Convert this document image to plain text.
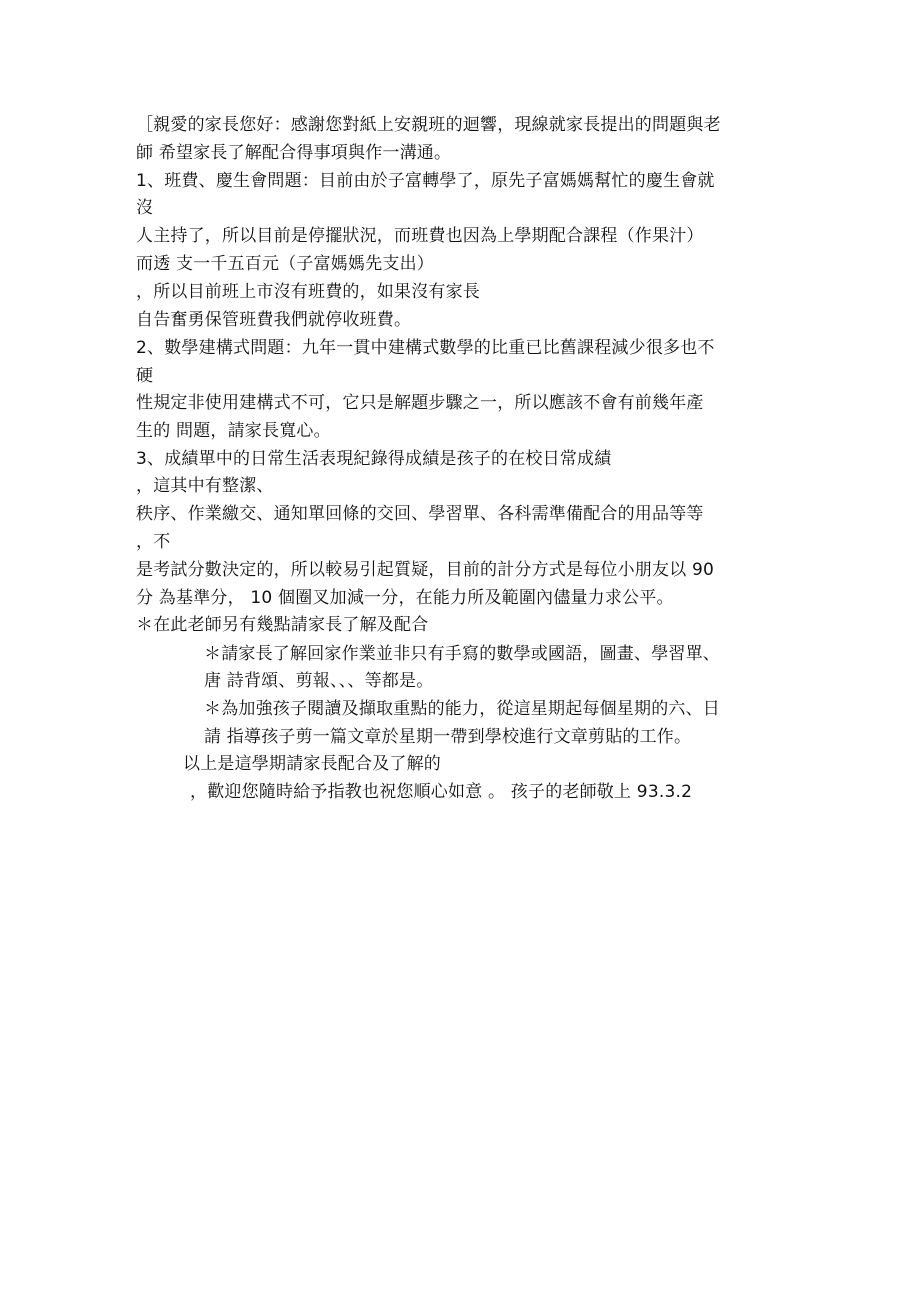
［親愛的家長您好：感謝您對紙上安親班的迴響，現線就家長提出的問題與老
師 希望家長了解配合得事項與作一溝通。
1、班費、慶生會問題：目前由於子富轉學了，原先子富媽媽幫忙的慶生會就
沒
人主持了，所以目前是停擺狀況，而班費也因為上學期配合課程（作果汁）
而透 支一千五百元（子富媽媽先支出）
，所以目前班上市沒有班費的，如果沒有家長
自告奮勇保管班費我們就停收班費。
2、數學建構式問題：九年一貫中建構式數學的比重已比舊課程減少很多也不
硬
性規定非使用建構式不可，它只是解題步驟之一，所以應該不會有前幾年產
生的 問題，請家長寬心。
3、成績單中的日常生活表現紀錄得成績是孩子的在校日常成績
，這其中有整潔、
秩序、作業繳交、通知單回條的交回、學習單、各科需準備配合的用品等等
，不
是考試分數決定的，所以較易引起質疑，目前的計分方式是每位小朋友以 90
分 為基準分， 10 個圈叉加減一分，在能力所及範圍內儘量力求公平。
＊在此老師另有幾點請家長了解及配合
＊請家長了解回家作業並非只有手寫的數學或國語，圖畫、學習單、
唐 詩背頌、剪報、、、等都是。
＊為加強孩子閱讀及擷取重點的能力，從這星期起每個星期的六、日
請 指導孩子剪一篇文章於星期一帶到學校進行文章剪貼的工作。
以上是這學期請家長配合及了解的
，歡迎您隨時給予指教也祝您順心如意 。 孩子的老師敬上 93.3.2
